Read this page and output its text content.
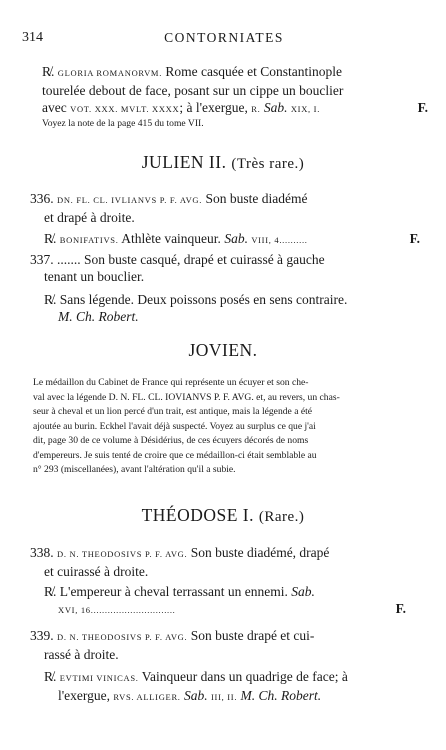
314	CONTORNIATES
R̸. GLORIA ROMANORVM. Rome casquée et Constantinople
tourelée debout de face, posant sur un cippe un bouclier
avec VOT. XXX. MVLT. XXXX; à l'exergue, R. Sab. XIX, I.	F.
Voyez la note de la page 415 du tome VII.
JULIEN II. (Très rare.)
336. DN. FL. CL. IVLIANVS P. F. AVG. Son buste diadémé
et drapé à droite.
R̸. BONIFATIVS. Athlète vainqueur. Sab. VIII, 4..........	F.
337. ....... Son buste casqué, drapé et cuirassé à gauche
tenant un bouclier.
R̸. Sans légende. Deux poissons posés en sens contraire.
M. Ch. Robert.
JOVIEN.
Le médaillon du Cabinet de France qui représente un écuyer et son che-
val avec la légende D. N. FL. CL. IOVIANVS P. F. AVG. et, au revers, un chas-
seur à cheval et un lion percé d'un trait, est antique, mais la légende a été
ajoutée au burin. Eckhel l'avait déjà suspecté. Voyez au surplus ce que j'ai
dit, page 30 de ce volume à Désidérius, de ces écuyers décorés de noms
d'empereurs. Je suis tenté de croire que ce médaillon-ci était semblable au
n° 293 (miscellanées), avant l'altération qu'il a subie.
THÉODOSE I. (Rare.)
338. D. N. THEODOSIVS P. F. AVG. Son buste diadémé, drapé
et cuirassé à droite.
R̸. L'empereur à cheval terrassant un ennemi. Sab.
XVI, 16..............................	F.
339. D. N. THEODOSIVS P. F. AVG. Son buste drapé et cui-
rassé à droite.
R̸. EVTIMI VINICAS. Vainqueur dans un quadrige de face; à
l'exergue, RVS. ALLIGER. Sab. III, II. M. Ch. Robert.
